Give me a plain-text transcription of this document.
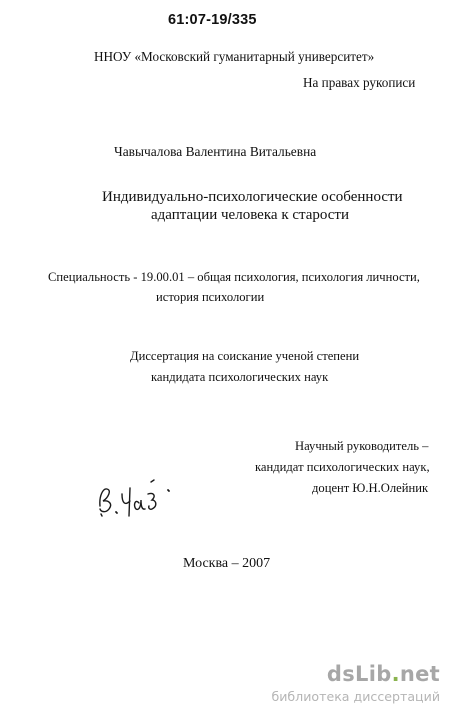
61:07-19/335
ННОУ «Московский гуманитарный университет»
На правах рукописи
Чавычалова Валентина Витальевна
Индивидуально-психологические особенности
адаптации человека к старости
Специальность - 19.00.01 – общая психология, психология личности,
история психологии
Диссертация на соискание ученой степени
кандидата психологических наук
Научный руководитель –
кандидат психологических наук,
доцент Ю.Н.Олейник
Москва – 2007
dsLib.net
библиотека диссертаций
